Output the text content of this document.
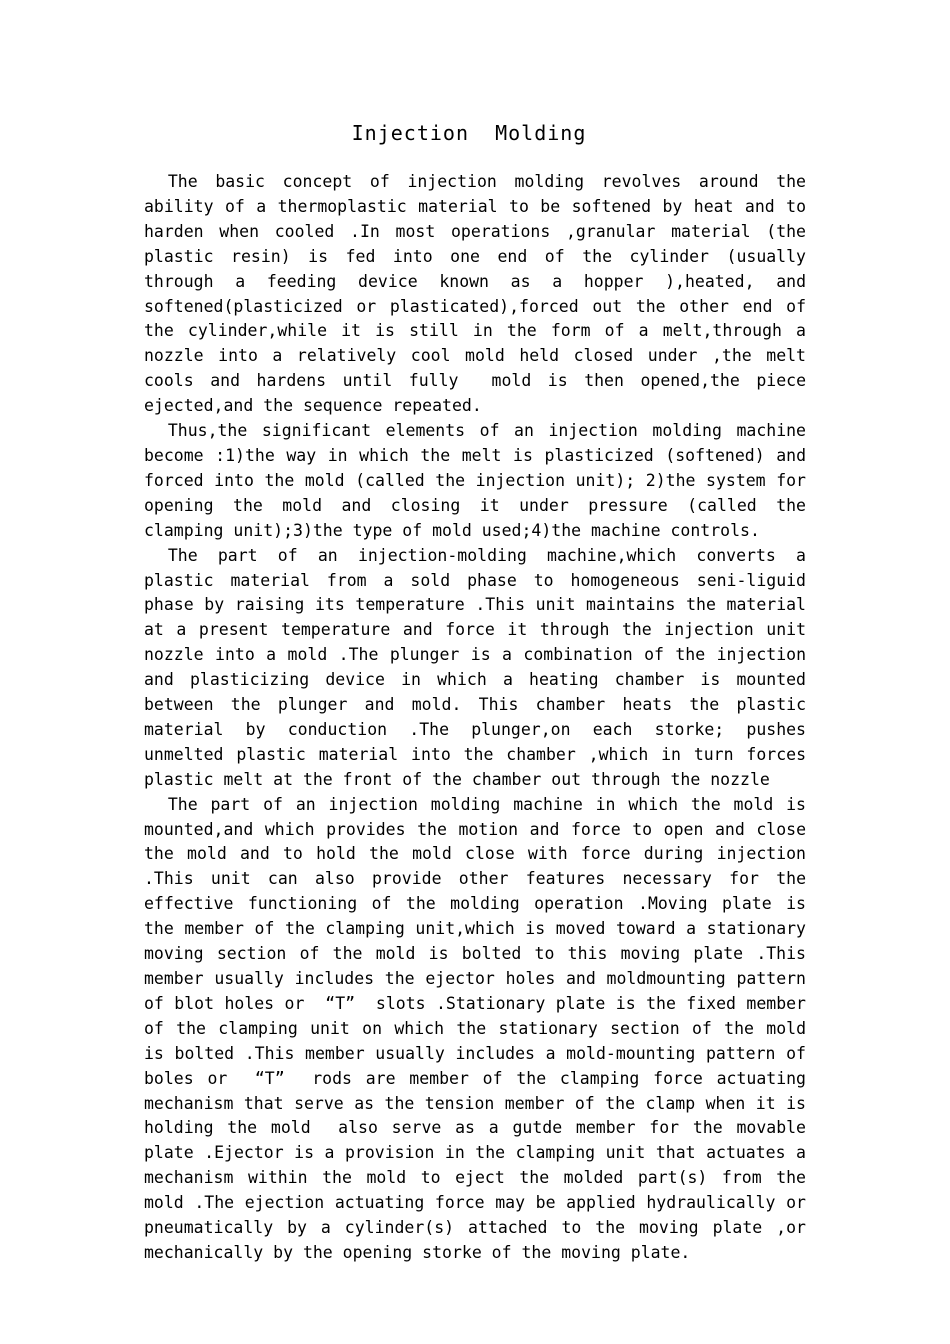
Injection  Molding

The basic concept of injection molding revolves around the ability of a thermoplastic material to be softened by heat and to harden when cooled .In most operations ,granular material (the plastic resin) is fed into one end of the cylinder (usually through a feeding device known as a hopper ),heated, and softened(plasticized or plasticated),forced out the other end of the cylinder,while it is still in the form of a melt,through a nozzle into a relatively cool mold held closed under ,the melt cools and hardens until fully  mold is then opened,the piece ejected,and the sequence repeated.

Thus,the significant elements of an injection molding machine become :1)the way in which the melt is plasticized (softened) and forced into the mold (called the injection unit); 2)the system for opening the mold and closing it under pressure (called the clamping unit);3)the type of mold used;4)the machine controls.

The part of an injection-molding machine,which converts a plastic material from a sold phase to homogeneous seni-liguid phase by raising its temperature .This unit maintains the material at a present temperature and force it through the injection unit nozzle into a mold .The plunger is a combination of the injection and plasticizing device in which a heating chamber is mounted between the plunger and mold. This chamber heats the plastic material by conduction .The plunger,on each storke; pushes unmelted plastic material into the chamber ,which in turn forces plastic melt at the front of the chamber out through the nozzle

The part of an injection molding machine in which the mold is mounted,and which provides the motion and force to open and close the mold and to hold the mold close with force during injection .This unit can also provide other features necessary for the effective functioning of the molding operation .Moving plate is the member of the clamping unit,which is moved toward a stationary  moving section of the mold is bolted to this moving plate .This member usually includes the ejector holes and moldmounting pattern of blot holes or  “T”  slots .Stationary plate is the fixed member of the clamping unit on which the stationary section of the mold is bolted .This member usually includes a mold-mounting pattern of boles or  “T”  rods are member of the clamping force actuating mechanism that serve as the tension member of the clamp when it is holding the mold  also serve as a gutde member for the movable plate .Ejector is a provision in the clamping unit that actuates a mechanism within the mold to eject the molded part(s) from the mold .The ejection actuating force may be applied hydraulically or pneumatically by a cylinder(s) attached to the moving plate ,or mechanically by the opening storke of the moving plate.
